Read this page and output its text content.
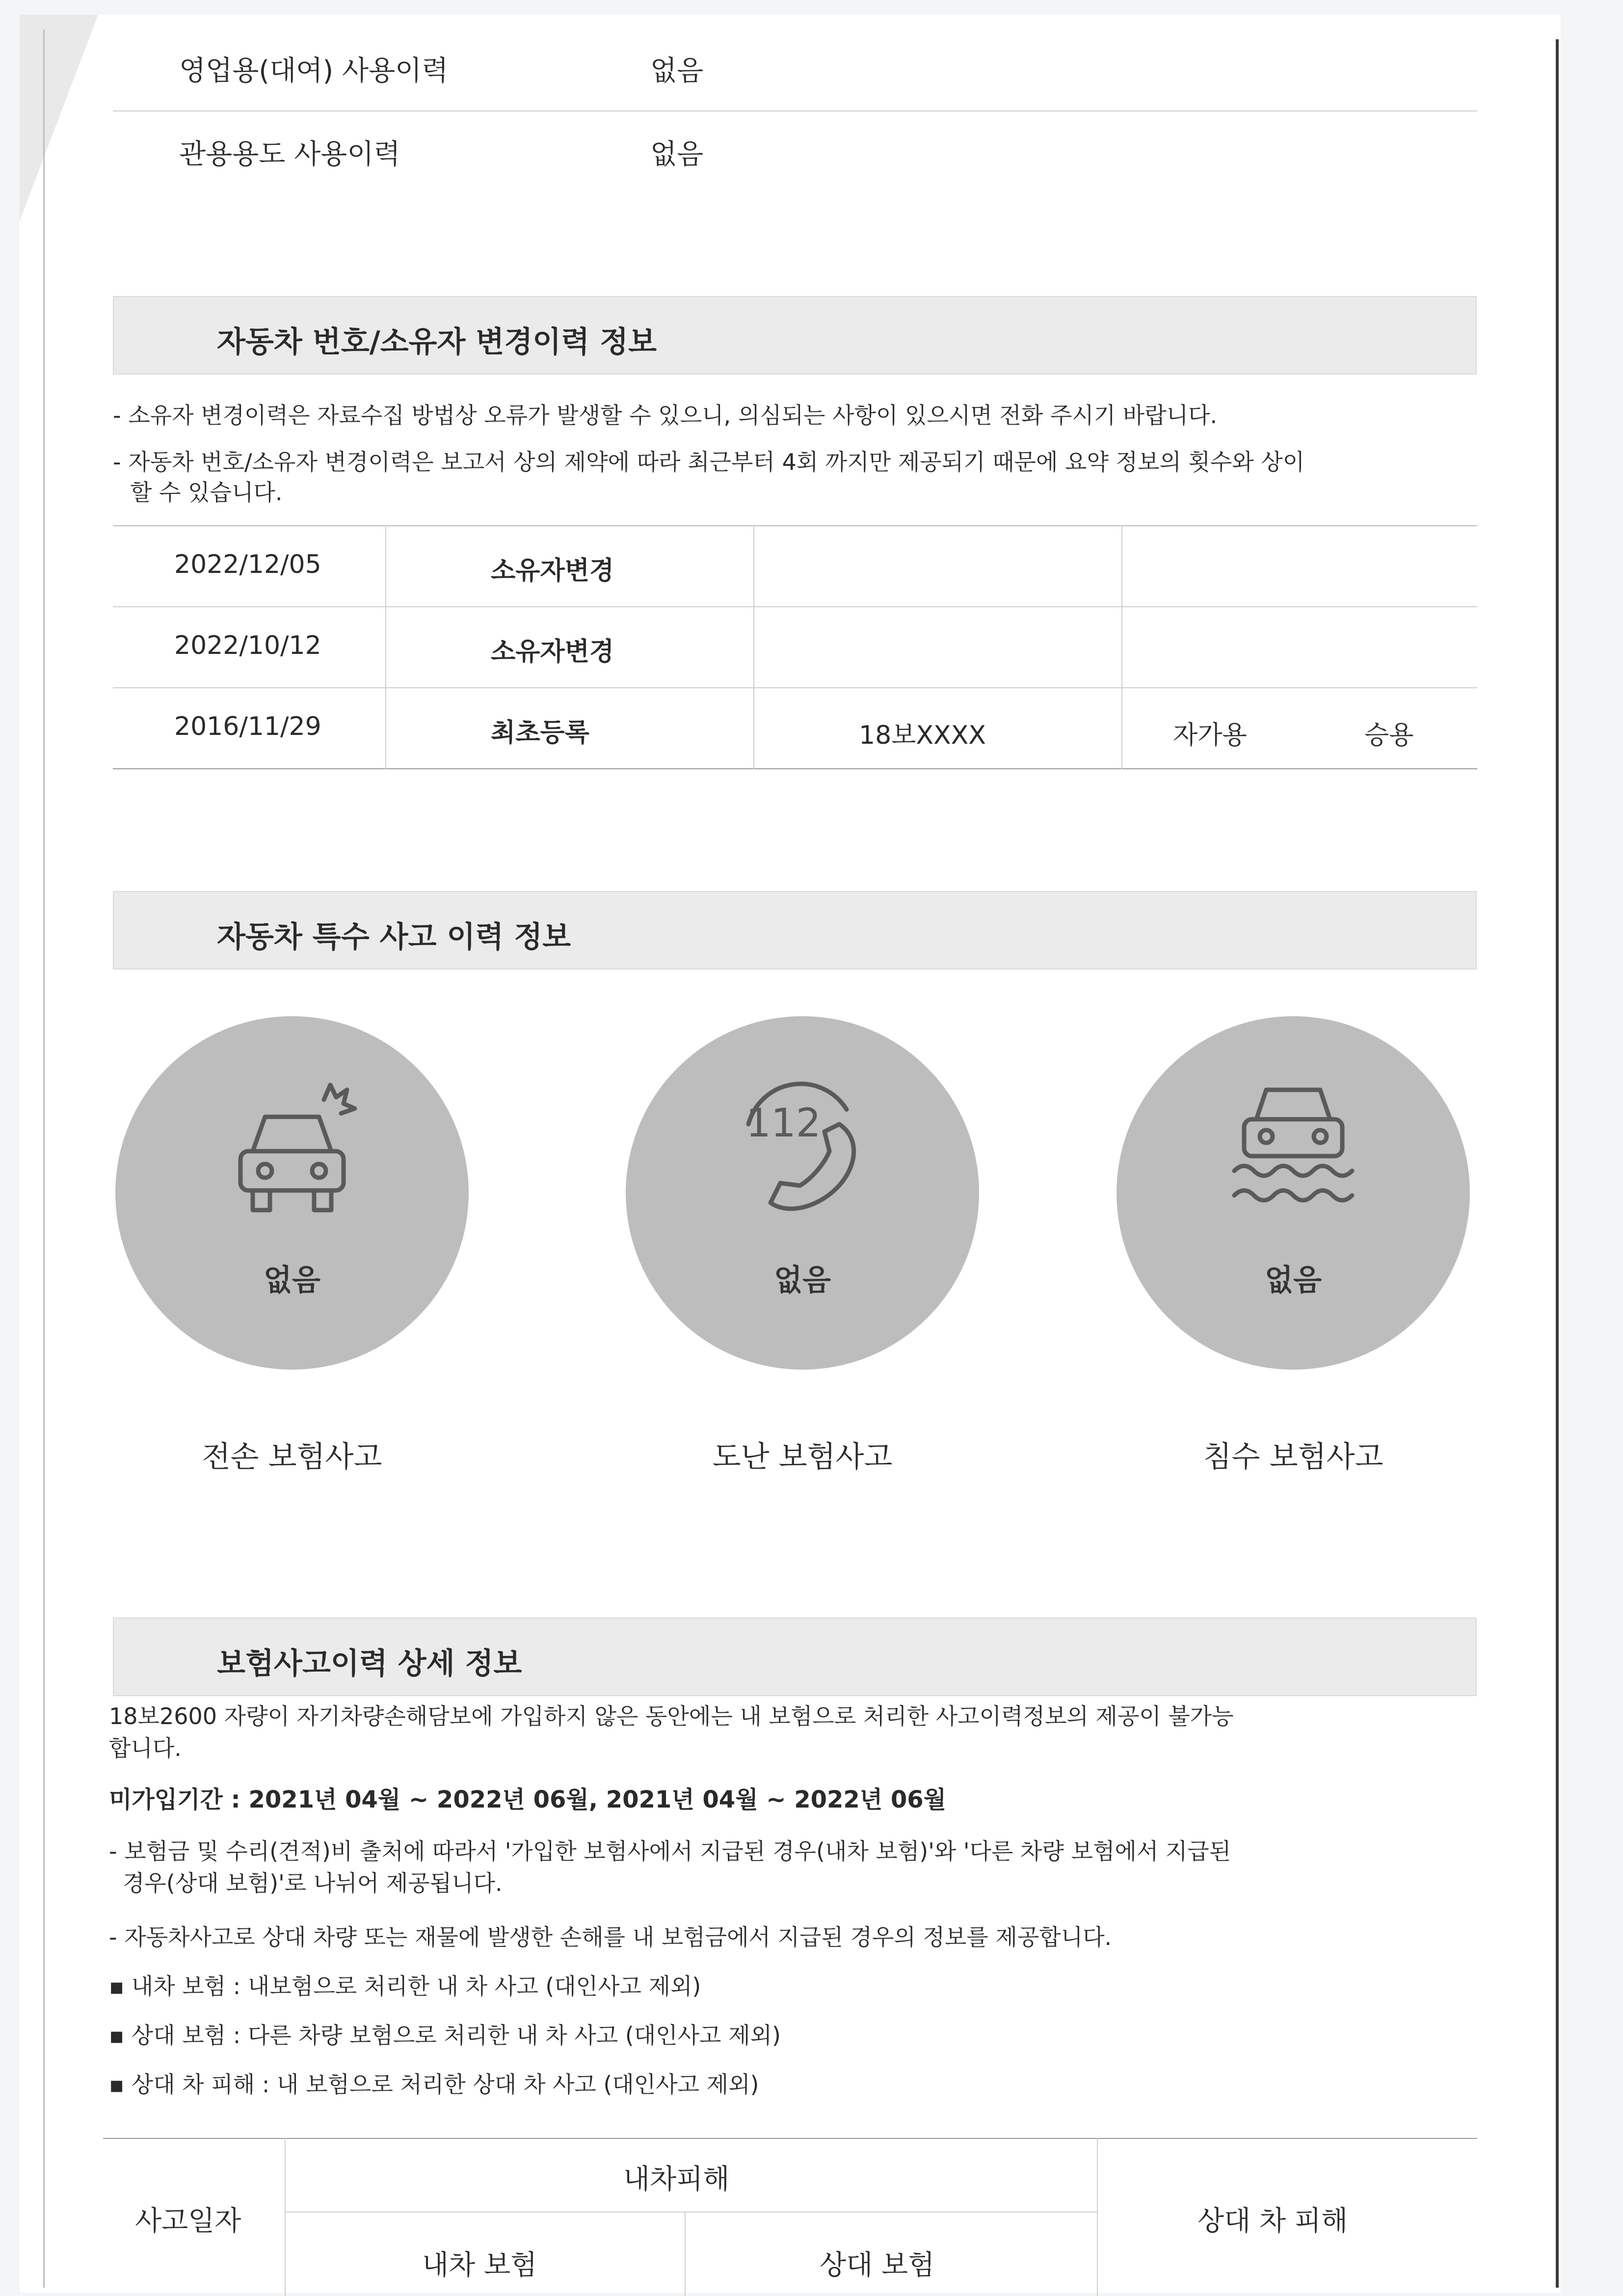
영업용(대여) 사용이력	없음
관용용도 사용이력	없음
자동차 번호/소유자 변경이력 정보
- 소유자 변경이력은 자료수집 방법상 오류가 발생할 수 있으니, 의심되는 사항이 있으시면 전화 주시기 바랍니다.
- 자동차 번호/소유자 변경이력은 보고서 상의 제약에 따라 최근부터 4회 까지만 제공되기 때문에 요약 정보의 횟수와 상이
할 수 있습니다.
2022/12/05	소유자변경
2022/10/12	소유자변경
2016/11/29	최초등록	18보XXXX	자가용	승용
자동차 특수 사고 이력 정보
없음
전손 보험사고
112
없음
도난 보험사고
없음
침수 보험사고
보험사고이력 상세 정보
18보2600 자량이 자기차량손해담보에 가입하지 않은 동안에는 내 보험으로 처리한 사고이력정보의 제공이 불가능
합니다.
미가입기간 : 2021년 04월 ~ 2022년 06월, 2021년 04월 ~ 2022년 06월
- 보험금 및 수리(견적)비 출처에 따라서 '가입한 보험사에서 지급된 경우(내차 보험)'와 '다른 차량 보험에서 지급된
경우(상대 보험)'로 나뉘어 제공됩니다.
- 자동차사고로 상대 차량 또는 재물에 발생한 손해를 내 보험금에서 지급된 경우의 정보를 제공합니다.
▪ 내차 보험 : 내보험으로 처리한 내 차 사고 (대인사고 제외)
▪ 상대 보험 : 다른 차량 보험으로 처리한 내 차 사고 (대인사고 제외)
▪ 상대 차 피해 : 내 보험으로 처리한 상대 차 사고 (대인사고 제외)
사고일자
내차피해
내차 보험	상대 보험
상대 차 피해
